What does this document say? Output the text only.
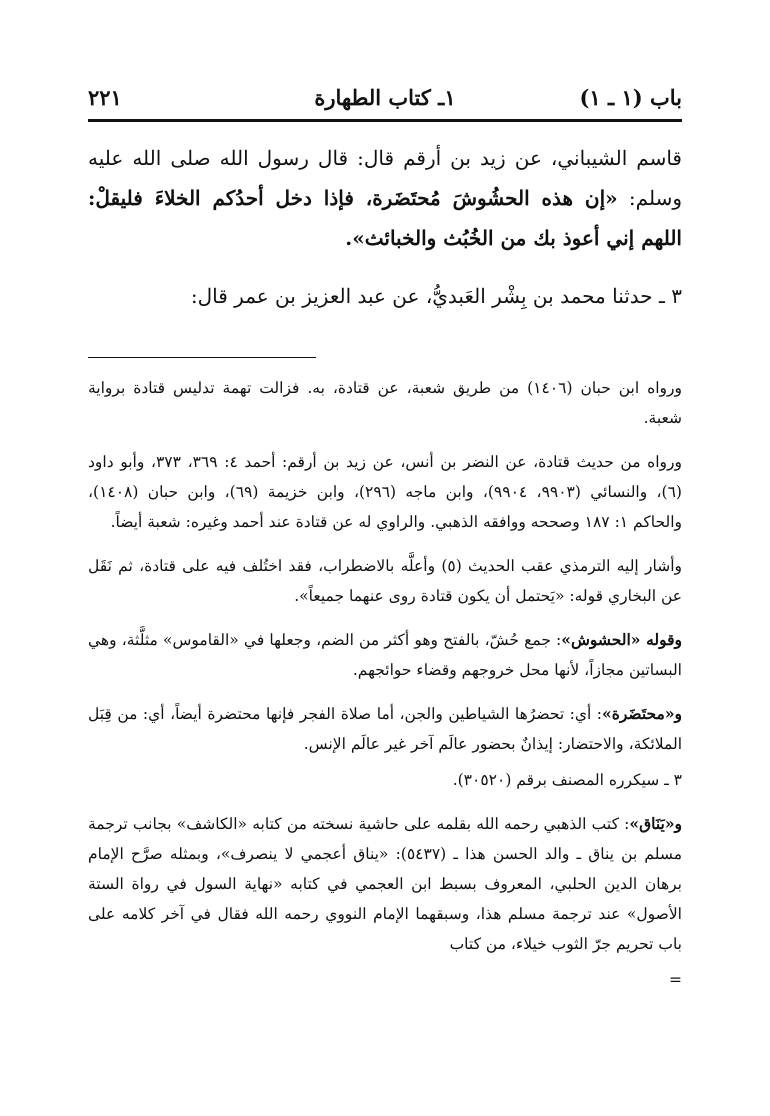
باب (١ ـ ١)
١ـ كتاب الطهارة
٢٢١

قاسم الشيباني، عن زيد بن أرقم قال: قال رسول الله صلى الله عليه وسلم: «إن هذه الحشُوشَ مُحتَضَرة، فإذا دخل أحدُكم الخلاءَ فليقلْ: اللهم إني أعوذ بك من الخُبُث والخبائث».

٣ ـ حدثنا محمد بن بِشْر العَبديُّ، عن عبد العزيز بن عمر قال:

ورواه ابن حبان (١٤٠٦) من طريق شعبة، عن قتادة، به. فزالت تهمة تدليس قتادة برواية شعبة.

ورواه من حديث قتادة، عن النضر بن أنس، عن زيد بن أرقم: أحمد ٤: ٣٦٩، ٣٧٣، وأبو داود (٦)، والنسائي (٩٩٠٣، ٩٩٠٤)، وابن ماجه (٢٩٦)، وابن خزيمة (٦٩)، وابن حبان (١٤٠٨)، والحاكم ١: ١٨٧ وصححه ووافقه الذهبي. والراوي له عن قتادة عند أحمد وغيره: شعبة أيضاً.

وأشار إليه الترمذي عقب الحديث (٥) وأعلَّه بالاضطراب، فقد اختُلف فيه على قتادة، ثم نَقَل عن البخاري قوله: «يَحتمل أن يكون قتادة روى عنهما جميعاً».

وقوله «الحشوش»: جمع حُشّ، بالفتح وهو أكثر من الضم، وجعلها في «القاموس» مثلَّثة، وهي البساتين مجازاً، لأنها محل خروجهم وقضاء حوائجهم.

و«محتَضَرة»: أي: تحضرُها الشياطين والجن، أما صلاة الفجر فإنها محتضرة أيضاً، أي: من قِبَل الملائكة، والاحتضار: إيذانٌ بحضور عالَم آخر غير عالَم الإنس.

٣ ـ سيكرره المصنف برقم (٣٠٥٢٠).

و«يَنَاق»: كتب الذهبي رحمه الله بقلمه على حاشية نسخته من كتابه «الكاشف» بجانب ترجمة مسلم بن يناق ـ والد الحسن هذا ـ (٥٤٣٧): «يناق أعجمي لا ينصرف»، وبمثله صرَّح الإمام برهان الدين الحلبي، المعروف بسبط ابن العجمي في كتابه «نهاية السول في رواة الستة الأصول» عند ترجمة مسلم هذا، وسبقهما الإمام النووي رحمه الله فقال في آخر كلامه على باب تحريم جرّ الثوب خيلاء، من كتاب

=
